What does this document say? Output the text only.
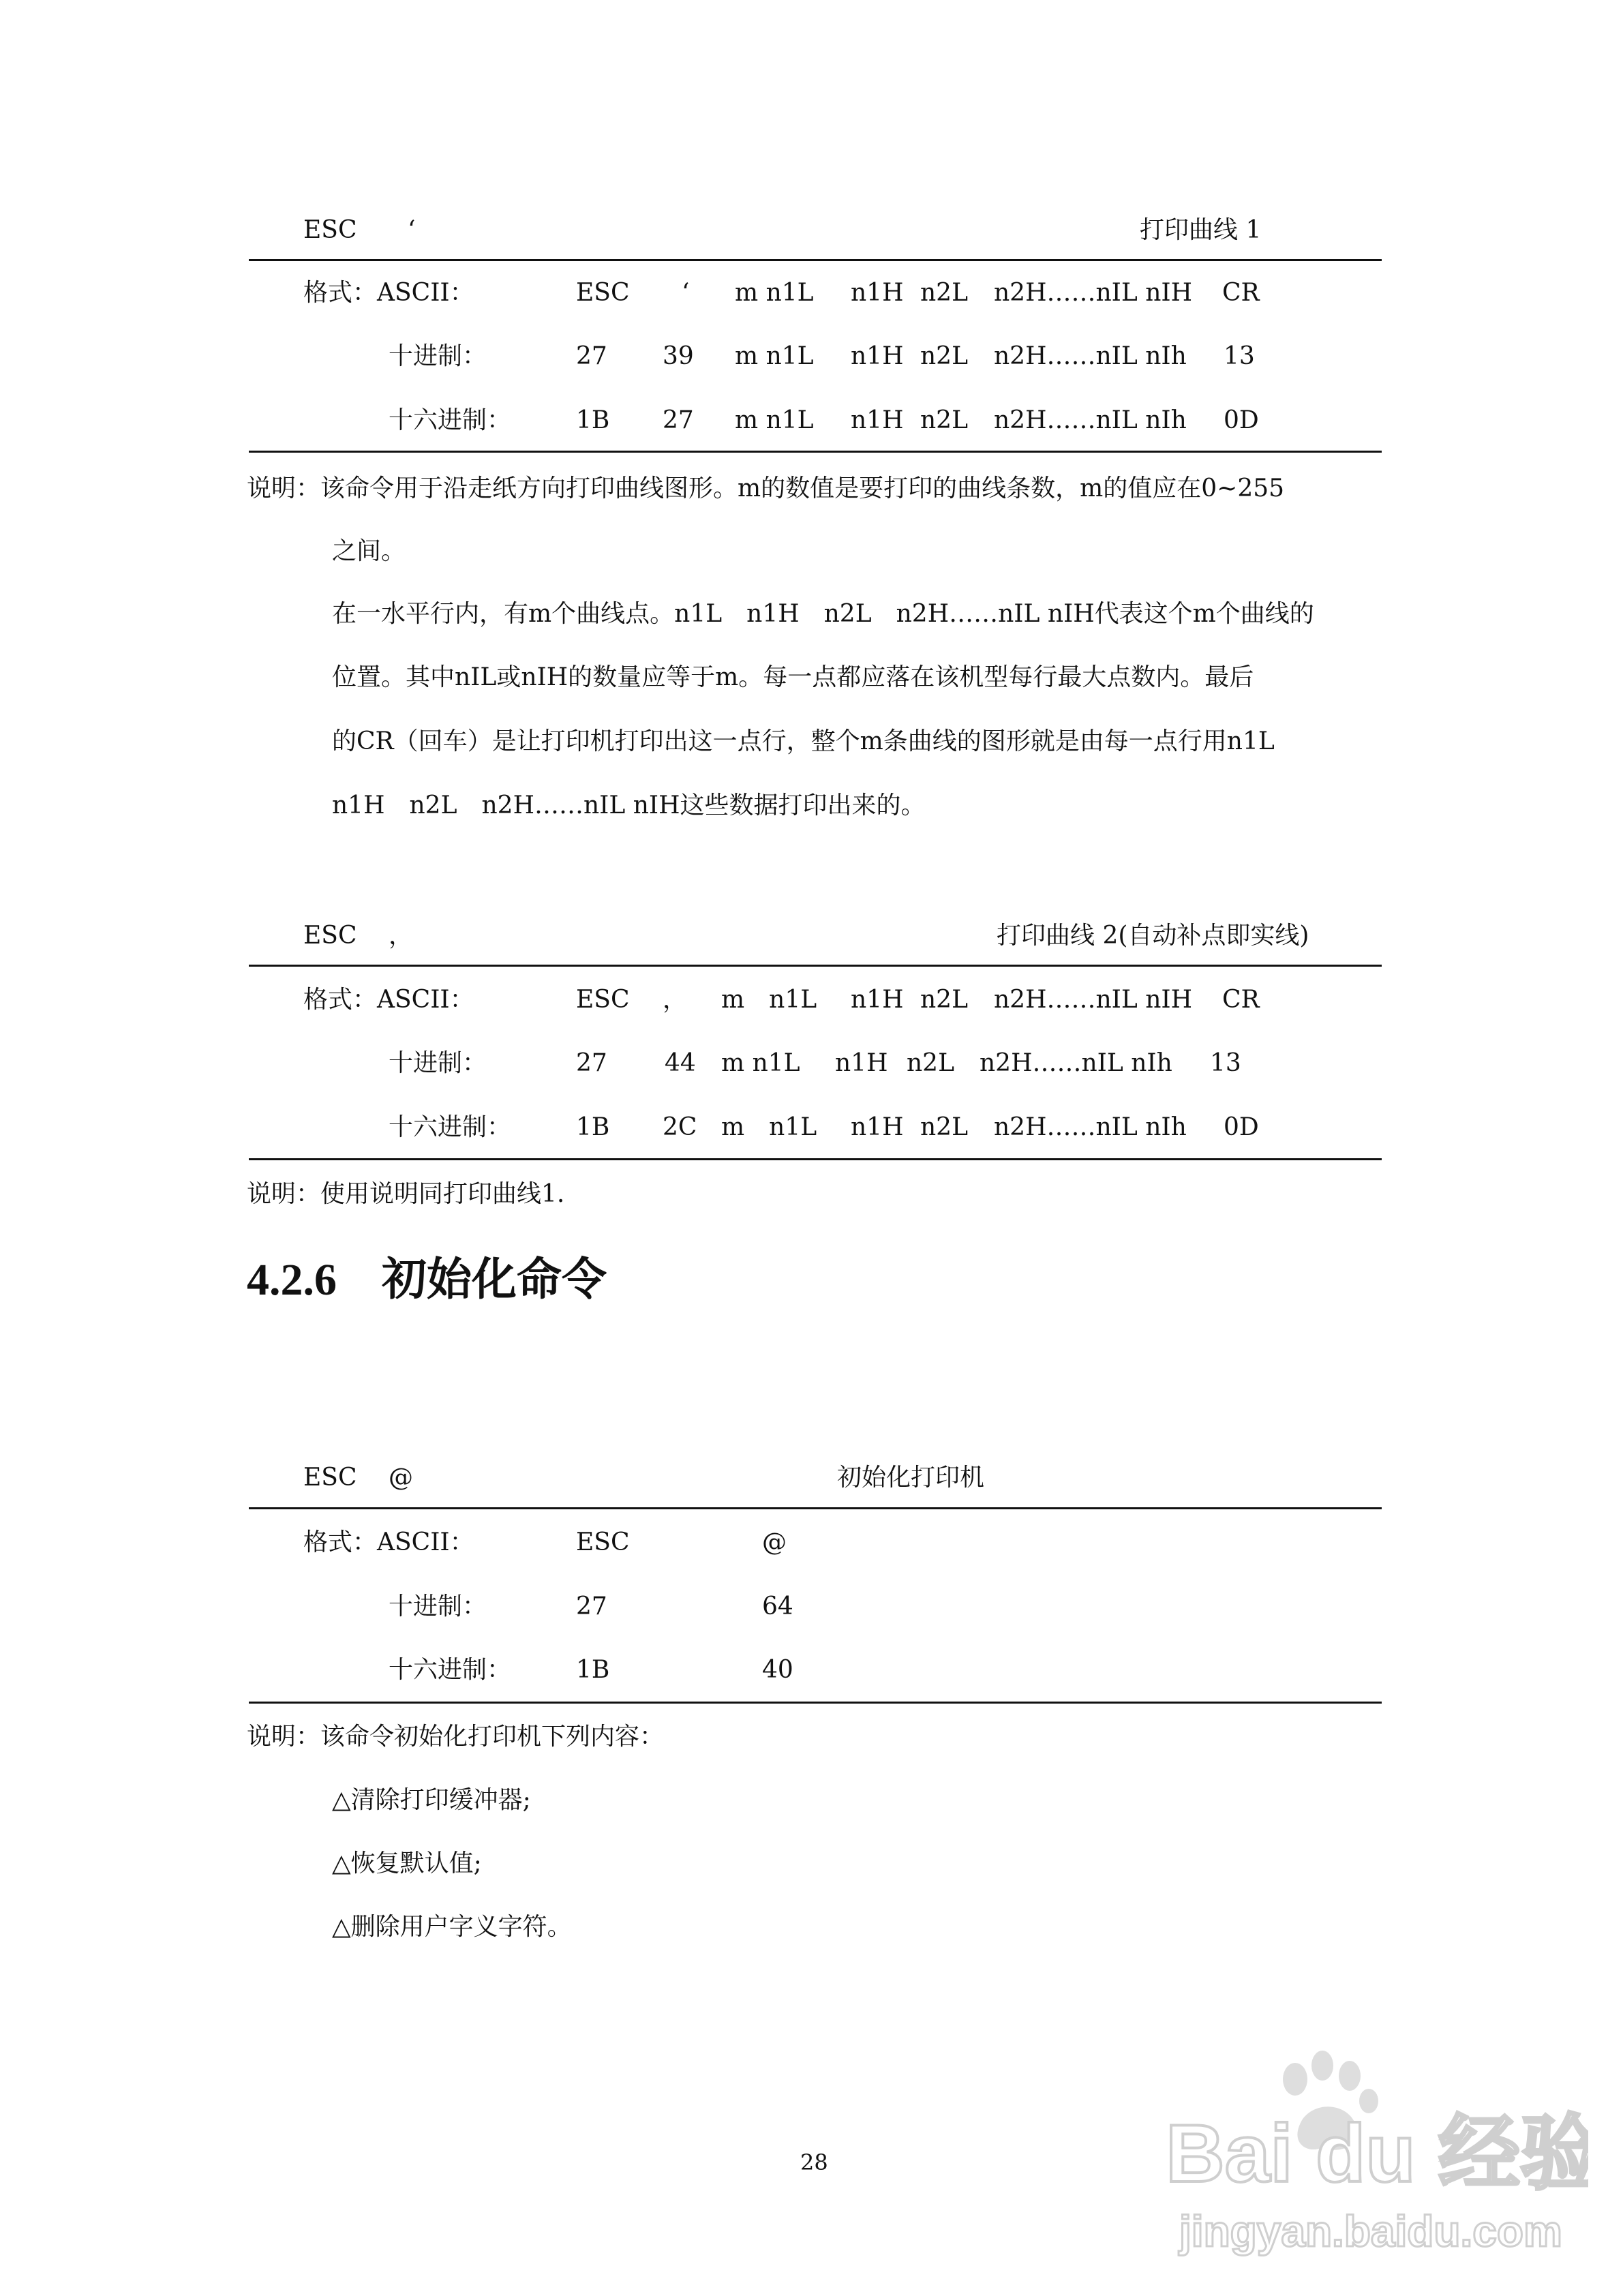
ESC ‘	打印曲线 1
格式：ASCII：	ESC ‘ m n1L n1H n2L n2H……nIL nIH CR
十进制：	27 39 m n1L n1H n2L n2H……nIL nIh 13
十六进制：	1B 27 m n1L n1H n2L n2H……nIL nIh 0D
说明：该命令用于沿走纸方向打印曲线图形。m的数值是要打印的曲线条数，m的值应在0~255
之间。
在一水平行内，有m个曲线点。n1L　n1H　n2L　n2H……nIL nIH代表这个m个曲线的
位置。其中nIL或nIH的数量应等于m。每一点都应落在该机型每行最大点数内。最后
的CR（回车）是让打印机打印出这一点行，整个m条曲线的图形就是由每一点行用n1L
n1H　n2L　n2H……nIL nIH这些数据打印出来的。
ESC ，	打印曲线 2(自动补点即实线)
格式：ASCII：	ESC ， m　n1L n1H n2L n2H……nIL nIH CR
十进制：	27 44 m n1L n1H n2L n2H……nIL nIh 13
十六进制：	1B 2C m　n1L n1H n2L n2H……nIL nIh 0D
说明：使用说明同打印曲线1.
4.2.6　初始化命令
ESC @	初始化打印机
格式：ASCII：	ESC	@
十进制：	27	64
十六进制：	1B	40
说明：该命令初始化打印机下列内容：
△清除打印缓冲器;
△恢复默认值;
△删除用户字义字符。
28	Bai du 经验
jingyan.baidu.com
